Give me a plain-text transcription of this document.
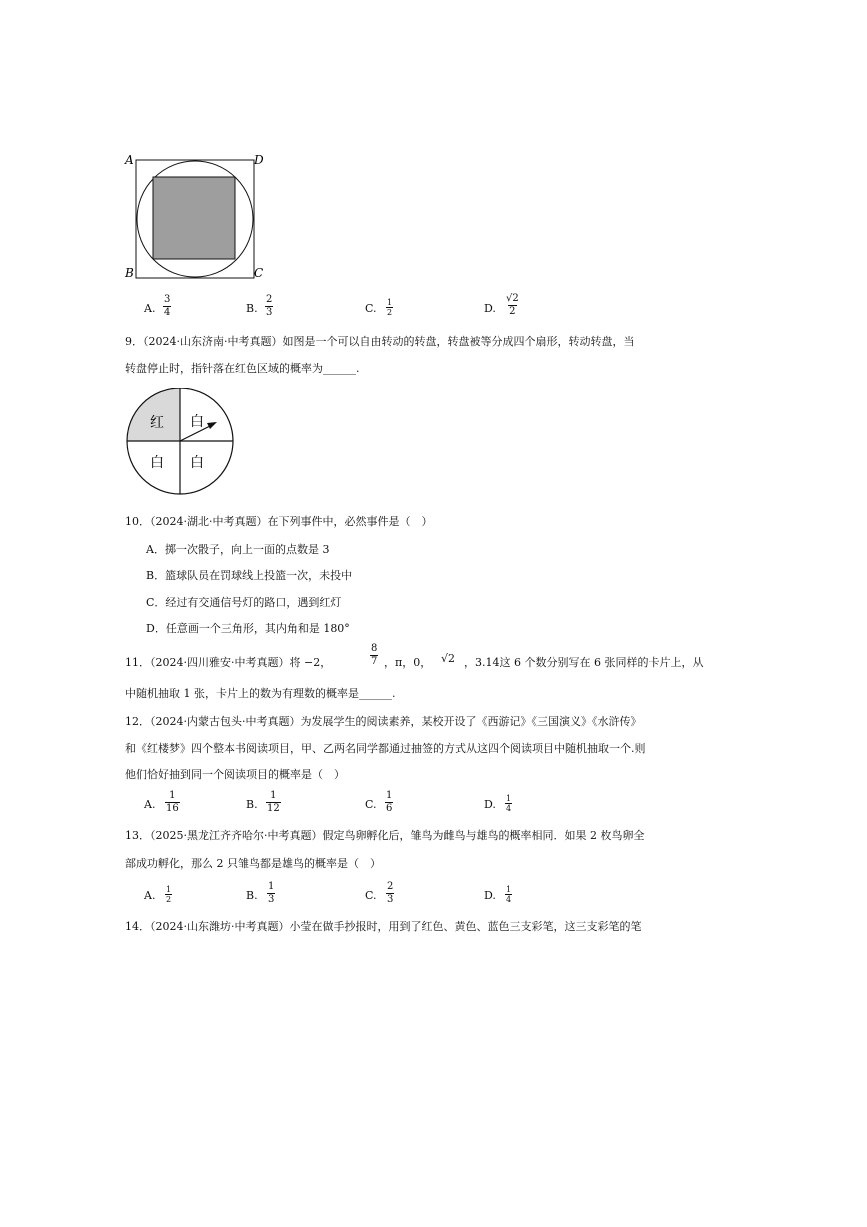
A	D
B	C
A. $\frac{3}{4}$	B. $\frac{2}{3}$	C. $\frac{1}{2}$	D. $\frac{√2}{2}$
9．（2024·山东济南·中考真题）如图是一个可以自由转动的转盘，转盘被等分成四个扇形，转动转盘，当
转盘停止时，指针落在红色区域的概率为______.
红 白
白 白
10．（2024·湖北·中考真题）在下列事件中，必然事件是（　）
A．掷一次骰子，向上一面的点数是 3
B．篮球队员在罚球线上投篮一次，未投中
C．经过有交通信号灯的路口，遇到红灯
D．任意画一个三角形，其内角和是 180°
11．（2024·四川雅安·中考真题）将 −2，	$\frac{8}{7}$ ，π，0， √2 ，3.14这 6 个数分别写在 6 张同样的卡片上，从
中随机抽取 1 张，卡片上的数为有理数的概率是______.
12．（2024·内蒙古包头·中考真题）为发展学生的阅读素养，某校开设了《西游记》《三国演义》《水浒传》
和《红楼梦》四个整本书阅读项目，甲、乙两名同学都通过抽签的方式从这四个阅读项目中随机抽取一个.则
他们恰好抽到同一个阅读项目的概率是（　）
A. $\frac{1}{16}$	B. $\frac{1}{12}$	C. $\frac{1}{6}$	D. $\frac{1}{4}$
13．（2025·黑龙江齐齐哈尔·中考真题）假定鸟卵孵化后，雏鸟为雌鸟与雄鸟的概率相同．如果 2 枚鸟卵全
部成功孵化，那么 2 只雏鸟都是雄鸟的概率是（　）
A. $\frac{1}{2}$	B. $\frac{1}{3}$	C. $\frac{2}{3}$	D. $\frac{1}{4}$
14．（2024·山东潍坊·中考真题）小莹在做手抄报时，用到了红色、黄色、蓝色三支彩笔，这三支彩笔的笔
